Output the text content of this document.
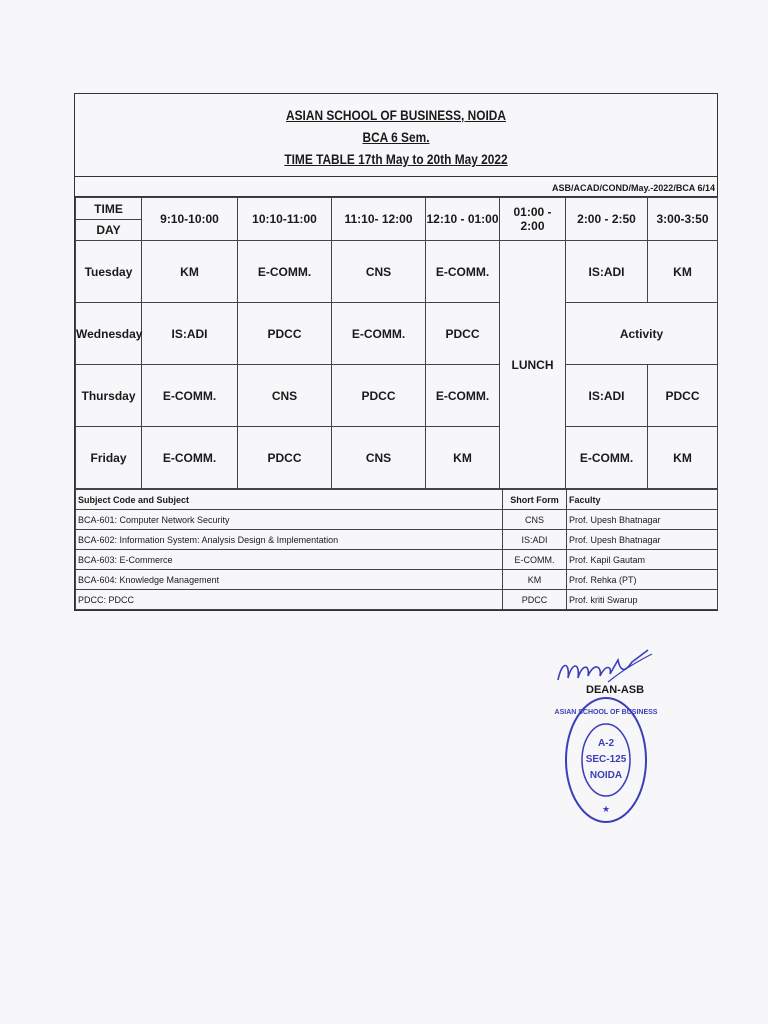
ASIAN SCHOOL OF BUSINESS, NOIDA
BCA 6 Sem.
TIME TABLE 17th May to 20th May 2022
ASB/ACAD/COND/May.-2022/BCA 6/14
TIME
DAY	9:10-10:00	10:10-11:00	11:10- 12:00	12:10 - 01:00	01:00 - 2:00	2:00 - 2:50	3:00-3:50
Tuesday	KM	E-COMM.	CNS	E-COMM.	LUNCH	IS:ADI	KM
Wednesday	IS:ADI	PDCC	E-COMM.	PDCC		Activity	
Thursday	E-COMM.	CNS	PDCC	E-COMM.		IS:ADI	PDCC
Friday	E-COMM.	PDCC	CNS	KM		E-COMM.	KM
Subject Code and Subject	Short Form	Faculty
BCA-601: Computer Network Security	CNS	Prof. Upesh Bhatnagar
BCA-602: Information System: Analysis Design & Implementation	IS:ADI	Prof. Upesh Bhatnagar
BCA-603: E-Commerce	E-COMM.	Prof. Kapil Gautam
BCA-604: Knowledge Management	KM	Prof. Rehka (PT)
PDCC: PDCC	PDCC	Prof. kriti Swarup
DEAN-ASB
A-2
SEC-125
NOIDA
ASIAN SCHOOL OF BUSINESS
★
